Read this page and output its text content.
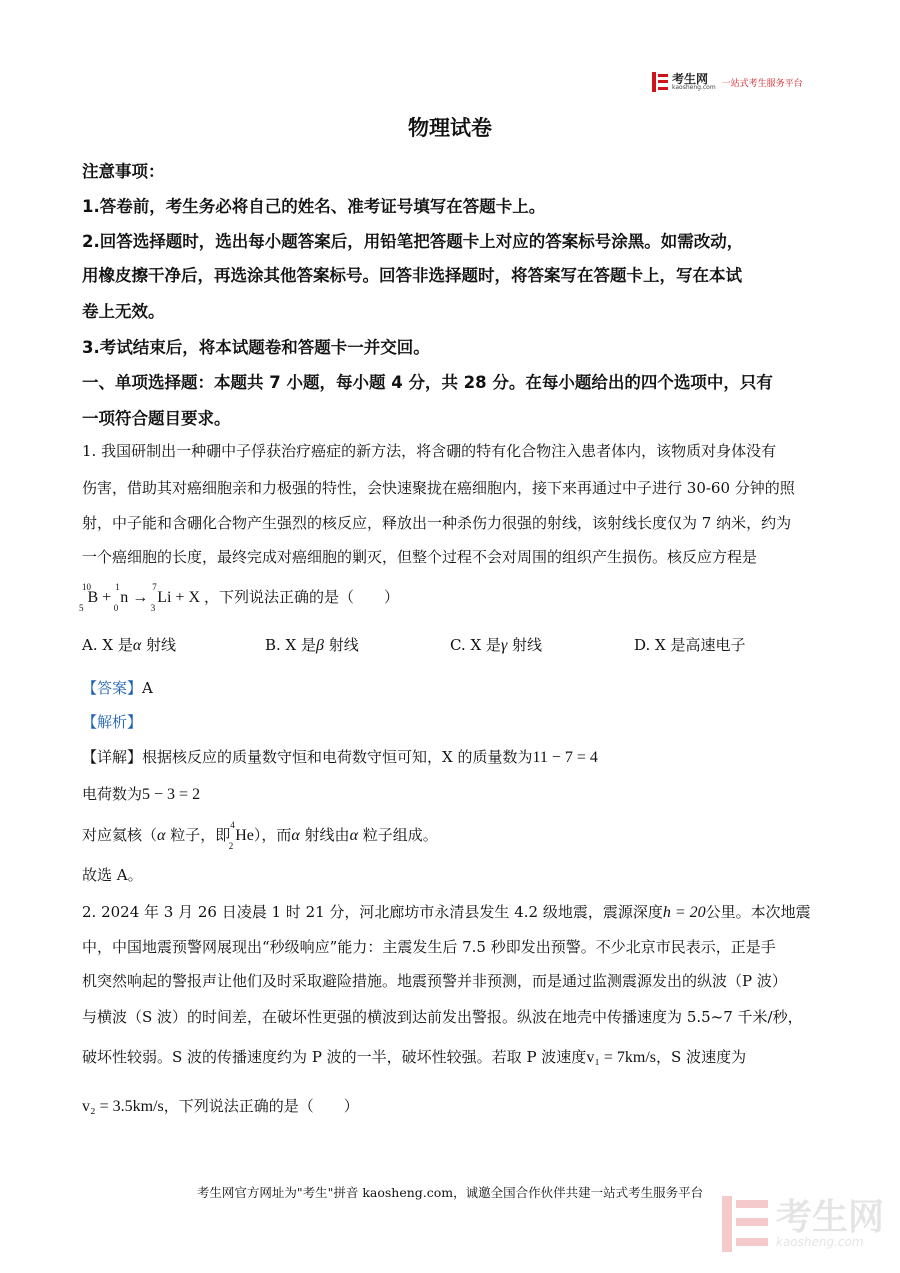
考生网
kaosheng.com 一站式考生服务平台
物理试卷
注意事项：
1.答卷前，考生务必将自己的姓名、准考证号填写在答题卡上。
2.回答选择题时，选出每小题答案后，用铅笔把答题卡上对应的答案标号涂黑。如需改动，
用橡皮擦干净后，再选涂其他答案标号。回答非选择题时，将答案写在答题卡上，写在本试
卷上无效。
3.考试结束后，将本试题卷和答题卡一并交回。
一、单项选择题：本题共 7 小题，每小题 4 分，共 28 分。在每小题给出的四个选项中，只有
一项符合题目要求。
1. 我国研制出一种硼中子俘获治疗癌症的新方法，将含硼的特有化合物注入患者体内，该物质对身体没有
伤害，借助其对癌细胞亲和力极强的特性，会快速聚拢在癌细胞内，接下来再通过中子进行 30-60 分钟的照
射，中子能和含硼化合物产生强烈的核反应，释放出一种杀伤力很强的射线，该射线长度仅为 7 纳米，约为
一个癌细胞的长度，最终完成对癌细胞的剿灭，但整个过程不会对周围的组织产生损伤。核反应方程是
$^{10}_5$B + $^1_0$n → $^7_3$Li + X ，下列说法正确的是（　　）
A. X 是α 射线	B. X 是β 射线	C. X 是γ 射线	D. X 是高速电子
【答案】A
【解析】
【详解】根据核反应的质量数守恒和电荷数守恒可知，X 的质量数为11 − 7 = 4
电荷数为5 − 3 = 2
对应氦核（α 粒子，即$^4_2$He），而α 射线由α 粒子组成。
故选 A。
2. 2024 年 3 月 26 日凌晨 1 时 21 分，河北廊坊市永清县发生 4.2 级地震，震源深度h = 20公里。本次地震
中，中国地震预警网展现出“秒级响应”能力：主震发生后 7.5 秒即发出预警。不少北京市民表示，正是手
机突然响起的警报声让他们及时采取避险措施。地震预警并非预测，而是通过监测震源发出的纵波（P 波）
与横波（S 波）的时间差，在破坏性更强的横波到达前发出警报。纵波在地壳中传播速度为 5.5~7 千米/秒，
破坏性较弱。S 波的传播速度约为 P 波的一半，破坏性较强。若取 P 波速度v₁ = 7km/s，S 波速度为
v₂ = 3.5km/s，下列说法正确的是（　　）
考生网官方网址为"考生"拼音 kaosheng.com，诚邀全国合作伙伴共建一站式考生服务平台
考生网
kaosheng.com
